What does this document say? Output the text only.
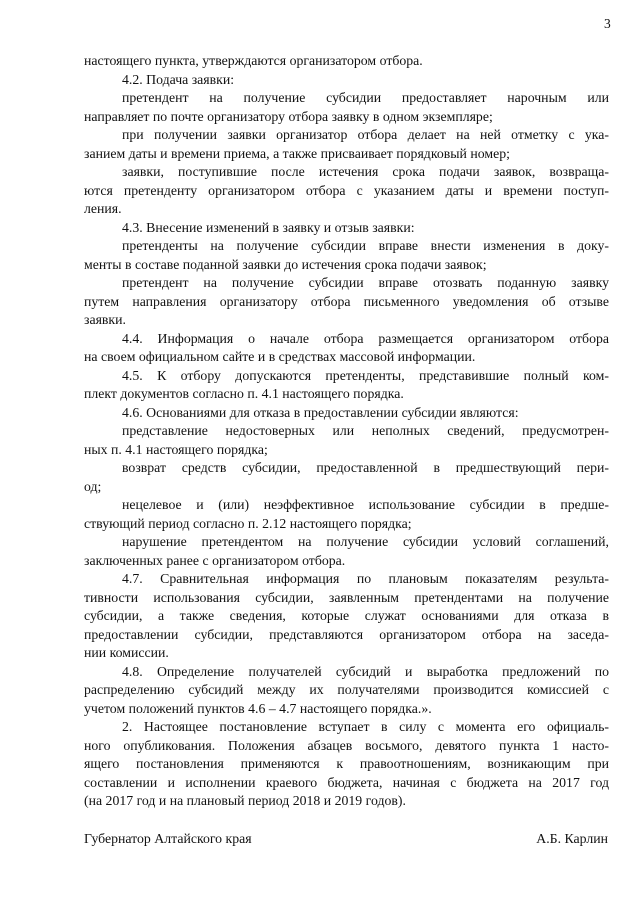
3
настоящего пункта, утверждаются организатором отбора.
4.2. Подача заявки:
претендент на получение субсидии предоставляет нарочным или
направляет по почте организатору отбора заявку в одном экземпляре;
при получении заявки организатор отбора делает на ней отметку с ука-
занием даты и времени приема, а также присваивает порядковый номер;
заявки, поступившие после истечения срока подачи заявок, возвраща-
ются претенденту организатором отбора с указанием даты и времени поступ-
ления.
4.3. Внесение изменений в заявку и отзыв заявки:
претенденты на получение субсидии вправе внести изменения в доку-
менты в составе поданной заявки до истечения срока подачи заявок;
претендент на получение субсидии вправе отозвать поданную заявку
путем направления организатору отбора письменного уведомления об отзыве
заявки.
4.4. Информация о начале отбора размещается организатором отбора
на своем официальном сайте и в средствах массовой информации.
4.5. К отбору допускаются претенденты, представившие полный ком-
плект документов согласно п. 4.1 настоящего порядка.
4.6. Основаниями для отказа в предоставлении субсидии являются:
представление недостоверных или неполных сведений, предусмотрен-
ных п. 4.1 настоящего порядка;
возврат средств субсидии, предоставленной в предшествующий пери-
од;
нецелевое и (или) неэффективное использование субсидии в предше-
ствующий период согласно п. 2.12 настоящего порядка;
нарушение претендентом на получение субсидии условий соглашений,
заключенных ранее с организатором отбора.
4.7. Сравнительная информация по плановым показателям результа-
тивности использования субсидии, заявленным претендентами на получение
субсидии, а также сведения, которые служат основаниями для отказа в
предоставлении субсидии, представляются организатором отбора на заседа-
нии комиссии.
4.8. Определение получателей субсидий и выработка предложений по
распределению субсидий между их получателями производится комиссией с
учетом положений пунктов 4.6 – 4.7 настоящего порядка.».
2. Настоящее постановление вступает в силу с момента его официаль-
ного опубликования. Положения абзацев восьмого, девятого пункта 1 насто-
ящего постановления применяются к правоотношениям, возникающим при
составлении и исполнении краевого бюджета, начиная с бюджета на 2017 год
(на 2017 год и на плановый период 2018 и 2019 годов).
Губернатор Алтайского края	А.Б. Карлин
